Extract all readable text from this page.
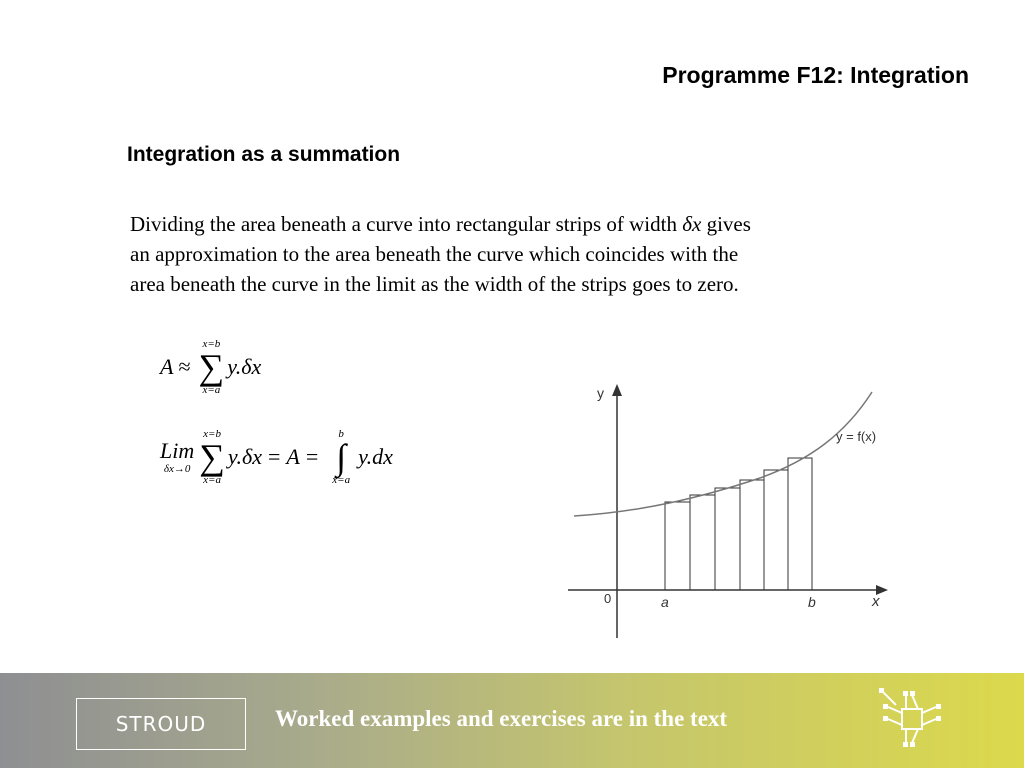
Programme F12: Integration
Integration as a summation
Dividing the area beneath a curve into rectangular strips of width δx gives
an approximation to the area beneath the curve which coincides with the
area beneath the curve in the limit as the width of the strips goes to zero.
A ≈
x=b
∑
x=a
y.δx
Lim
δx→0
x=b
∑
x=a
y.δx = A =
b
∫
x=a
y.dx
y
x
0	a	b
y = f(x)
STROUD	Worked examples and exercises are in the text
